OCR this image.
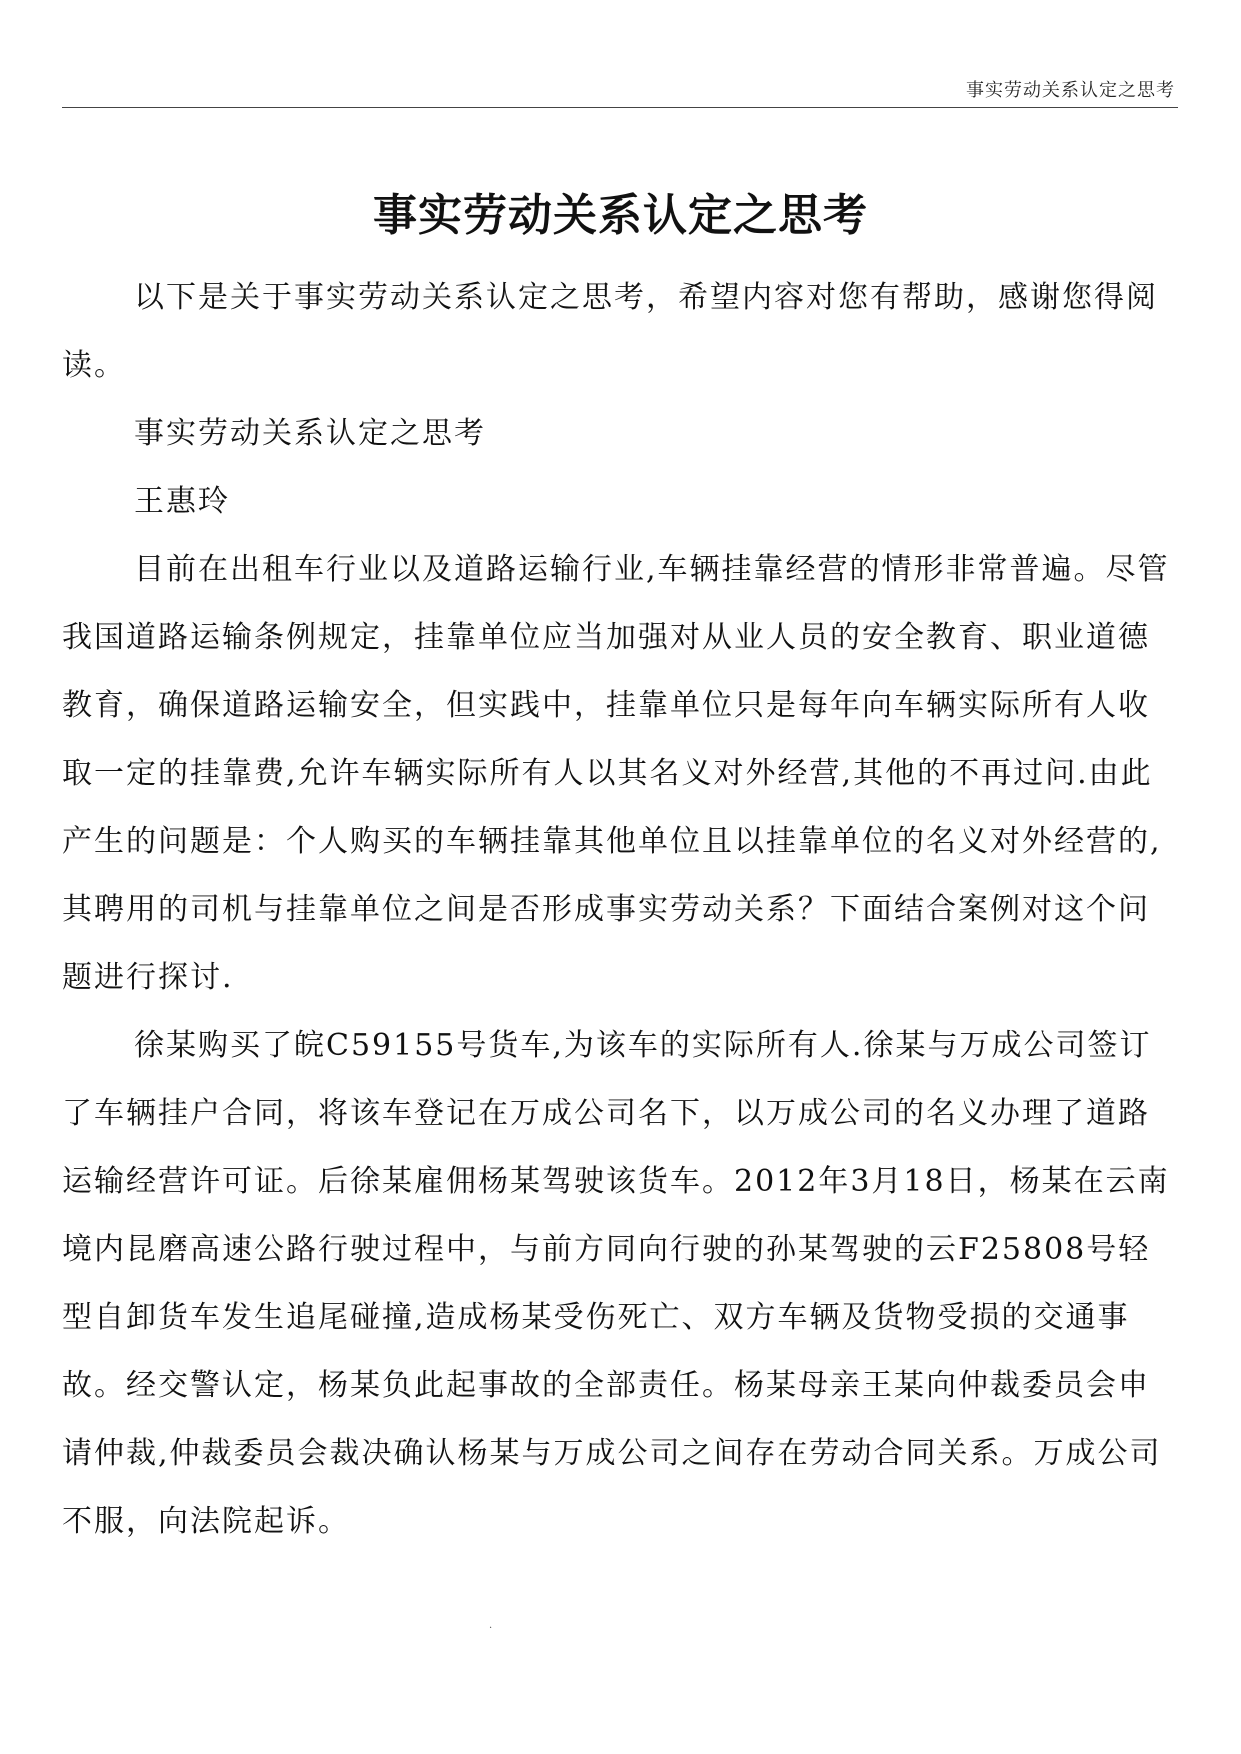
事实劳动关系认定之思考
事实劳动关系认定之思考

以下是关于事实劳动关系认定之思考，希望内容对您有帮助，感谢您得阅读。

事实劳动关系认定之思考

王惠玲

目前在出租车行业以及道路运输行业,车辆挂靠经营的情形非常普遍。尽管我国道路运输条例规定，挂靠单位应当加强对从业人员的安全教育、职业道德教育，确保道路运输安全，但实践中，挂靠单位只是每年向车辆实际所有人收取一定的挂靠费,允许车辆实际所有人以其名义对外经营,其他的不再过问.由此产生的问题是：个人购买的车辆挂靠其他单位且以挂靠单位的名义对外经营的,其聘用的司机与挂靠单位之间是否形成事实劳动关系？下面结合案例对这个问题进行探讨.

徐某购买了皖C59155号货车,为该车的实际所有人.徐某与万成公司签订了车辆挂户合同，将该车登记在万成公司名下，以万成公司的名义办理了道路运输经营许可证。后徐某雇佣杨某驾驶该货车。2012年3月18日，杨某在云南境内昆磨高速公路行驶过程中，与前方同向行驶的孙某驾驶的云F25808号轻型自卸货车发生追尾碰撞,造成杨某受伤死亡、双方车辆及货物受损的交通事故。经交警认定，杨某负此起事故的全部责任。杨某母亲王某向仲裁委员会申请仲裁,仲裁委员会裁决确认杨某与万成公司之间存在劳动合同关系。万成公司不服，向法院起诉。

.
